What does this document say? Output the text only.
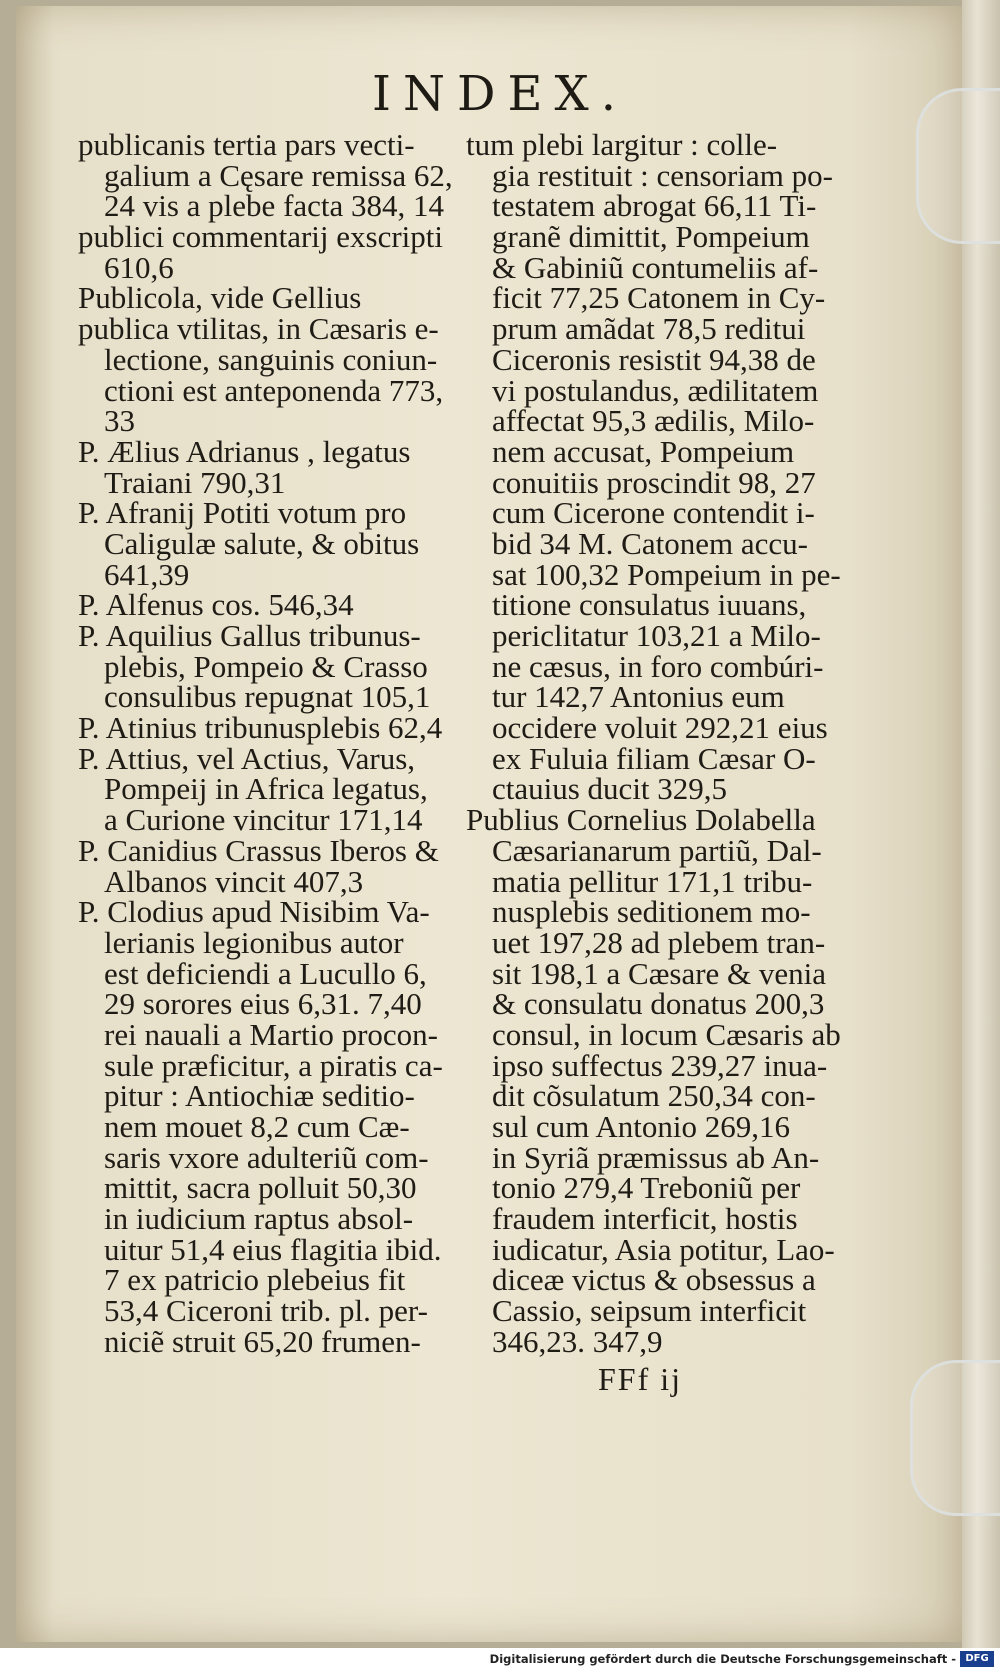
INDEX.
publicanis tertia pars vecti-
galium a Cęsare remissa 62,
24 vis a plebe facta 384, 14
publici commentarij exscripti
610,6
Publicola, vide Gellius
publica vtilitas, in Cæsaris e-
lectione, sanguinis coniun-
ctioni est anteponenda 773,
33
P. Ælius Adrianus , legatus
Traiani 790,31
P. Afranij Potiti votum pro
Caligulæ salute, & obitus
641,39
P. Alfenus cos. 546,34
P. Aquilius Gallus tribunus-
plebis, Pompeio & Crasso
consulibus repugnat 105,1
P. Atinius tribunusplebis 62,4
P. Attius, vel Actius, Varus,
Pompeij in Africa legatus,
a Curione vincitur 171,14
P. Canidius Crassus Iberos &
Albanos vincit 407,3
P. Clodius apud Nisibim Va-
lerianis legionibus autor
est deficiendi a Lucullo 6,
29 sorores eius 6,31. 7,40
rei nauali a Martio procon-
sule præficitur, a piratis ca-
pitur : Antiochiæ seditio-
nem mouet 8,2 cum Cæ-
saris vxore adulteriũ com-
mittit, sacra polluit 50,30
in iudicium raptus absol-
uitur 51,4 eius flagitia ibid.
7 ex patricio plebeius fit
53,4 Ciceroni trib. pl. per-
niciẽ struit 65,20 frumen-
tum plebi largitur : colle-
gia restituit : censoriam po-
testatem abrogat 66,11 Ti-
granẽ dimittit, Pompeium
& Gabiniũ contumeliis af-
ficit 77,25 Catonem in Cy-
prum amãdat 78,5 reditui
Ciceronis resistit 94,38 de
vi postulandus, ædilitatem
affectat 95,3 ædilis, Milo-
nem accusat, Pompeium
conuitiis proscindit 98, 27
cum Cicerone contendit i-
bid 34 M. Catonem accu-
sat 100,32 Pompeium in pe-
titione consulatus iuuans,
periclitatur 103,21 a Milo-
ne cæsus, in foro combúri-
tur 142,7 Antonius eum
occidere voluit 292,21 eius
ex Fuluia filiam Cæsar O-
ctauius ducit 329,5
Publius Cornelius Dolabella
Cæsarianarum partiũ, Dal-
matia pellitur 171,1 tribu-
nusplebis seditionem mo-
uet 197,28 ad plebem tran-
sit 198,1 a Cæsare & venia
& consulatu donatus 200,3
consul, in locum Cæsaris ab
ipso suffectus 239,27 inua-
dit cõsulatum 250,34 con-
sul cum Antonio 269,16
in Syriã præmissus ab An-
tonio 279,4 Treboniũ per
fraudem interficit, hostis
iudicatur, Asia potitur, Lao-
diceæ victus & obsessus a
Cassio, seipsum interficit
346,23. 347,9
FFf ij
Digitalisierung gefördert durch die Deutsche Forschungsgemeinschaft - DFG
